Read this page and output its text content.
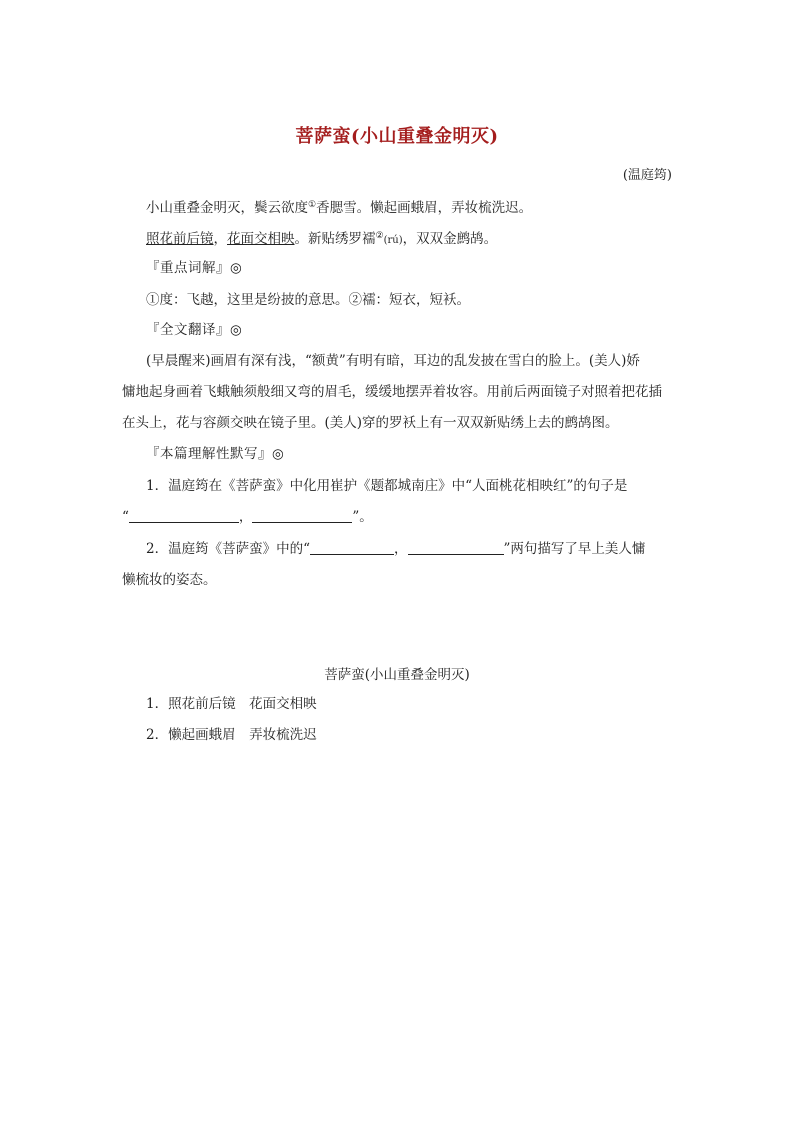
菩萨蛮(小山重叠金明灭)
(温庭筠)
小山重叠金明灭，鬓云欲度①香腮雪。懒起画蛾眉，弄妆梳洗迟。
照花前后镜，花面交相映。新贴绣罗襦②(rú)，双双金鹧鸪。
『重点词解』◎
①度：飞越，这里是纷披的意思。②襦：短衣，短袄。
『全文翻译』◎
(早晨醒来)画眉有深有浅，“额黄”有明有暗，耳边的乱发披在雪白的脸上。(美人)娇
慵地起身画着飞蛾触须般细又弯的眉毛，缓缓地摆弄着妆容。用前后两面镜子对照着把花插
在头上，花与容颜交映在镜子里。(美人)穿的罗袄上有一双双新贴绣上去的鹧鸪图。
『本篇理解性默写』◎
1．温庭筠在《菩萨蛮》中化用崔护《题都城南庄》中“人面桃花相映红”的句子是
“	，	”。
2．温庭筠《菩萨蛮》中的“	，	”两句描写了早上美人慵
懒梳妆的姿态。
菩萨蛮(小山重叠金明灭)
1．照花前后镜　花面交相映
2．懒起画蛾眉　弄妆梳洗迟
